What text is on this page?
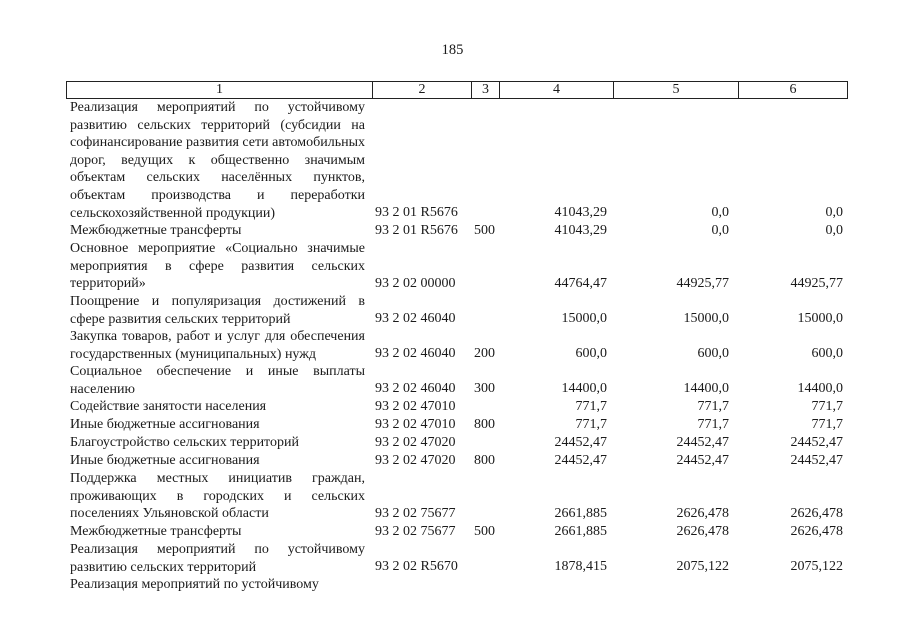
185
1	2	3	4	5	6
Реализация мероприятий по устойчивому развитию сельских территорий (субсидии на софинансирование развития сети автомобильных дорог, ведущих к общественно значимым объектам сельских населённых пунктов, объектам производства и переработки сельскохозяйственной продукции)	93 2 01 R5676	41043,29	0,0	0,0
Межбюджетные трансферты	93 2 01 R5676 500	41043,29	0,0	0,0
Основное мероприятие «Социально значимые мероприятия в сфере развития сельских территорий»	93 2 02 00000	44764,47	44925,77	44925,77
Поощрение и популяризация достижений в сфере развития сельских территорий	93 2 02 46040	15000,0	15000,0	15000,0
Закупка товаров, работ и услуг для обеспечения государственных (муниципальных) нужд	93 2 02 46040 200	600,0	600,0	600,0
Социальное обеспечение и иные выплаты населению	93 2 02 46040 300	14400,0	14400,0	14400,0
Содействие занятости населения	93 2 02 47010	771,7	771,7	771,7
Иные бюджетные ассигнования	93 2 02 47010 800	771,7	771,7	771,7
Благоустройство сельских территорий	93 2 02 47020	24452,47	24452,47	24452,47
Иные бюджетные ассигнования	93 2 02 47020 800	24452,47	24452,47	24452,47
Поддержка местных инициатив граждан, проживающих в городских и сельских поселениях Ульяновской области	93 2 02 75677	2661,885	2626,478	2626,478
Межбюджетные трансферты	93 2 02 75677 500	2661,885	2626,478	2626,478
Реализация мероприятий по устойчивому развитию сельских территорий	93 2 02 R5670	1878,415	2075,122	2075,122
Реализация мероприятий по устойчивому
